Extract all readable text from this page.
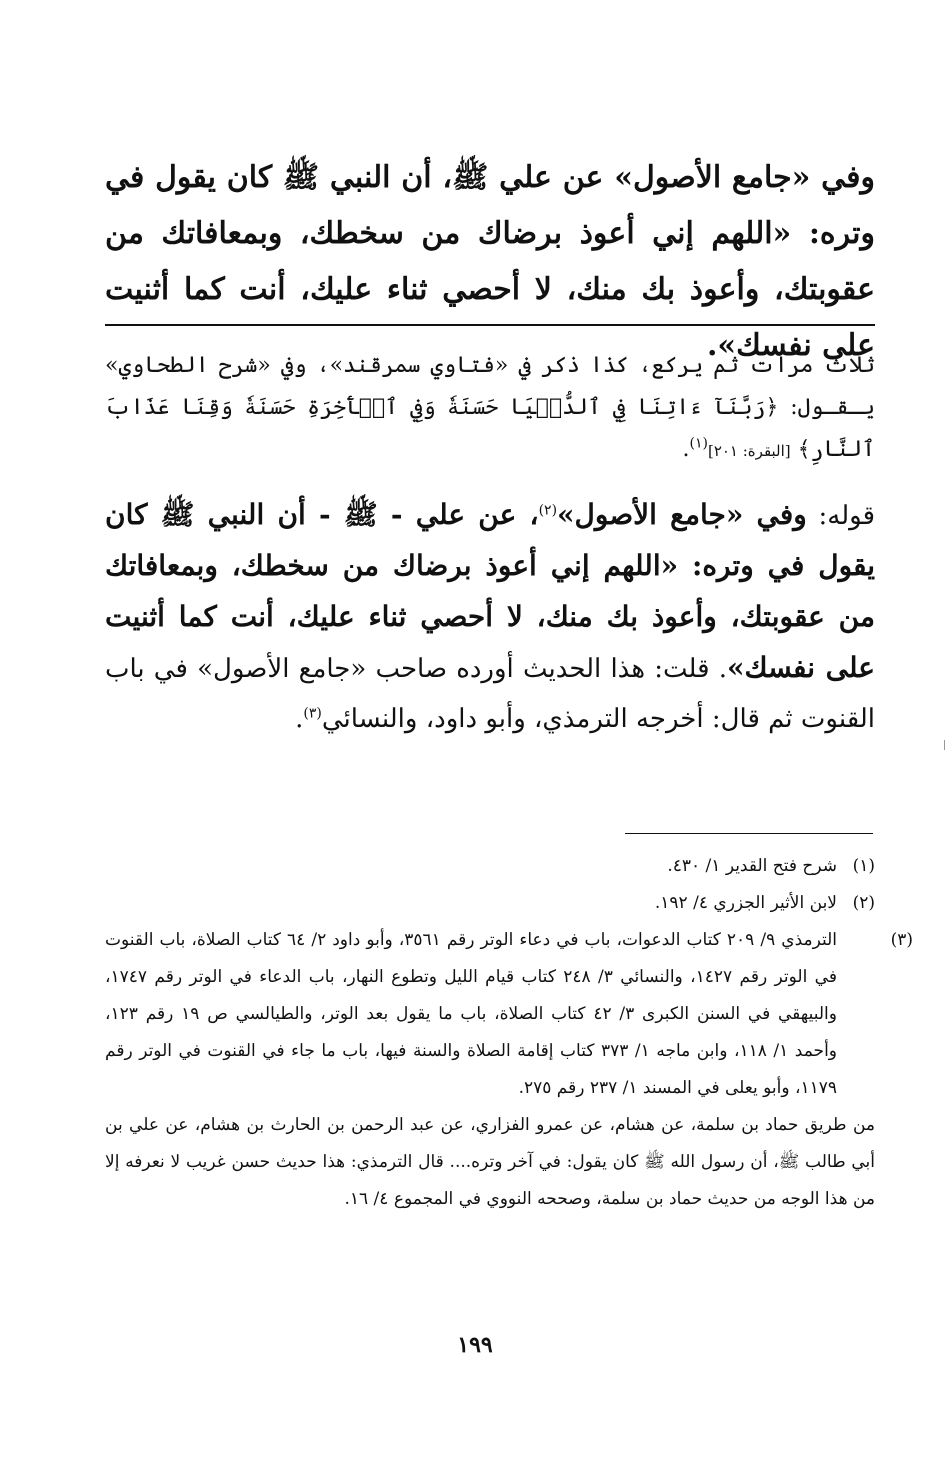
وفي «جامع الأصول» عن علي ﷺ، أن النبي ﷺ كان يقول في وتره: «اللهم إني أعوذ برضاك من سخطك، وبمعافاتك من عقوبتك، وأعوذ بك منك، لا أحصي ثناء عليك، أنت كما أثنيت على نفسك».
ثلاث مرات ثم يركع، كذا ذكر في «فتاوي سمرقند»، وفي «شرح الطحاوي» يـقـول: ﴿رَبَّنَآ ءَاتِنَا فِي ٱلدُّنۡيَا حَسَنَةٗ وَفِي ٱلۡأٓخِرَةِ حَسَنَةٗ وَقِنَا عَذَابَ ٱلنَّارِ﴾ [البقرة: ٢٠١]$^{(١)}$.
قوله: وفي «جامع الأصول»$^{(٢)}$، عن علي - ﷺ - أن النبي ﷺ كان يقول في وتره: «اللهم إني أعوذ برضاك من سخطك، وبمعافاتك من عقوبتك، وأعوذ بك منك، لا أحصي ثناء عليك، أنت كما أثنيت على نفسك». قلت: هذا الحديث أورده صاحب «جامع الأصول» في باب القنوت ثم قال: أخرجه الترمذي، وأبو داود، والنسائي$^{(٣)}$.
(١)شرح فتح القدير ١/ ٤٣٠.
(٢)لابن الأثير الجزري ٤/ ١٩٢.
(٣)الترمذي ٩/ ٢٠٩ كتاب الدعوات، باب في دعاء الوتر رقم ٣٥٦١، وأبو داود ٢/ ٦٤ كتاب الصلاة، باب القنوت في الوتر رقم ١٤٢٧، والنسائي ٣/ ٢٤٨ كتاب قيام الليل وتطوع النهار، باب الدعاء في الوتر رقم ١٧٤٧، والبيهقي في السنن الكبرى ٣/ ٤٢ كتاب الصلاة، باب ما يقول بعد الوتر، والطيالسي ص ١٩ رقم ١٢٣، وأحمد ١/ ١١٨، وابن ماجه ١/ ٣٧٣ كتاب إقامة الصلاة والسنة فيها، باب ما جاء في القنوت في الوتر رقم ١١٧٩، وأبو يعلى في المسند ١/ ٢٣٧ رقم ٢٧٥.
من طريق حماد بن سلمة، عن هشام، عن عمرو الفزاري، عن عبد الرحمن بن الحارث بن هشام، عن علي بن أبي طالب ﷺ، أن رسول الله ﷺ كان يقول: في آخر وتره.... قال الترمذي: هذا حديث حسن غريب لا نعرفه إلا من هذا الوجه من حديث حماد بن سلمة، وصححه النووي في المجموع ٤/ ١٦.
١٩٩
